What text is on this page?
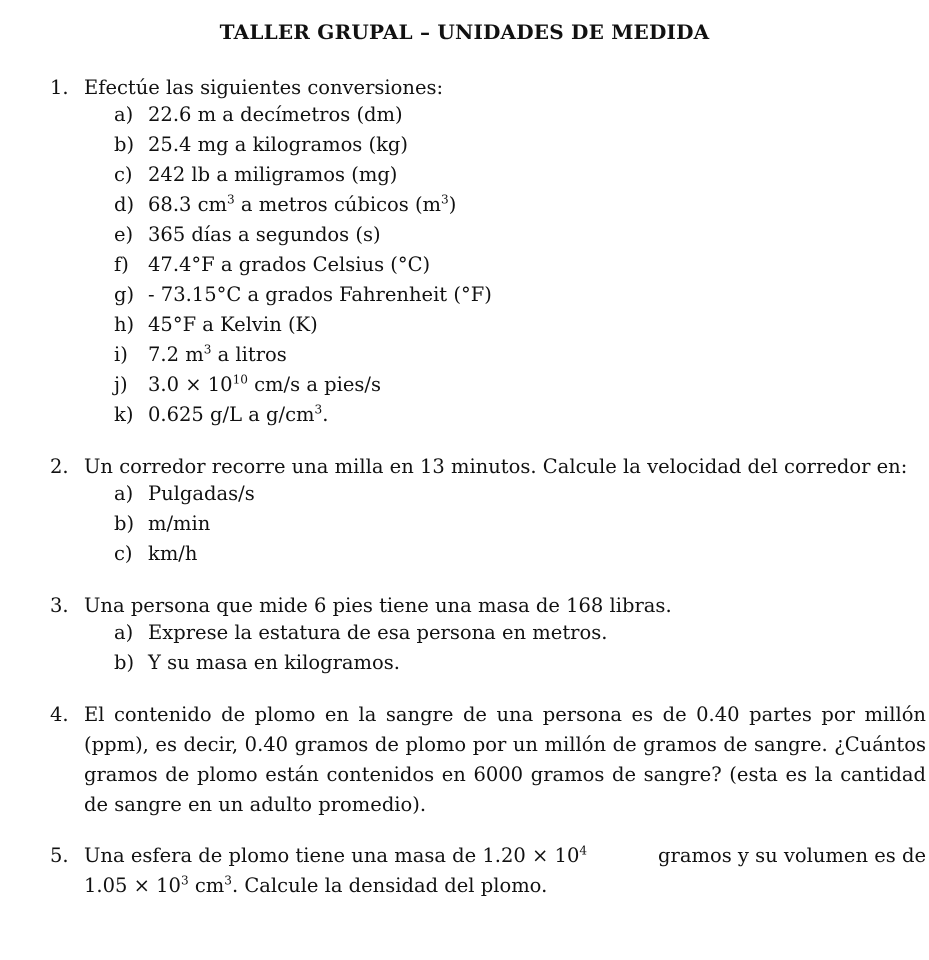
TALLER GRUPAL – UNIDADES DE MEDIDA
1. Efectúe las siguientes conversiones:
a) 22.6 m a decímetros (dm)
b) 25.4 mg a kilogramos (kg)
c) 242 lb a miligramos (mg)
d) 68.3 $cm^3$ a metros cúbicos $(m^3)$
e) 365 días a segundos (s)
f) 47.4°F a grados Celsius (°C)
g) - 73.15°C a grados Fahrenheit (°F)
h) 45°F a Kelvin (K)
i) 7.2 $m^3$ a litros
j) $3.0 \times 10^{10}$ cm/s a pies/s
k) 0.625 g/L a $g/cm^3$.
2. Un corredor recorre una milla en 13 minutos. Calcule la velocidad del corredor en:
a) Pulgadas/s
b) m/min
c) km/h
3. Una persona que mide 6 pies tiene una masa de 168 libras.
a) Exprese la estatura de esa persona en metros.
b) Y su masa en kilogramos.
4. El contenido de plomo en la sangre de una persona es de 0.40 partes por millón (ppm), es decir, 0.40 gramos de plomo por un millón de gramos de sangre. ¿Cuántos gramos de plomo están contenidos en 6000 gramos de sangre? (esta es la cantidad de sangre en un adulto promedio).
5. Una esfera de plomo tiene una masa de $1.20 \times 10^4$	gramos y su volumen es de
$1.05 \times 10^3$ $cm^3$. Calcule la densidad del plomo.
